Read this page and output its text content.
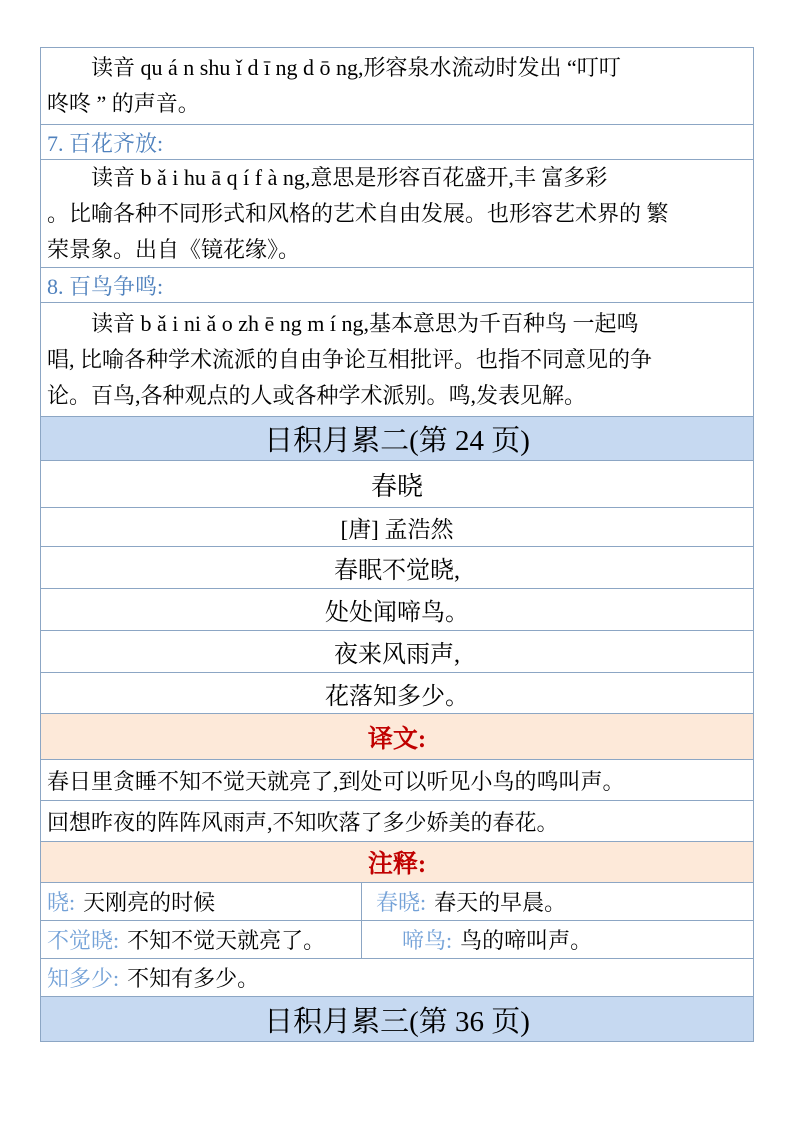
读音 qu á n shu ǐ d ī ng d ō ng,形容泉水流动时发出 “叮叮
咚咚 ” 的声音。
7. 百花齐放:
读音 b ǎ i hu ā q í f à ng,意思是形容百花盛开,丰 富多彩
。比喻各种不同形式和风格的艺术自由发展。也形容艺术界的 繁
荣景象。出自《镜花缘》。
8. 百鸟争鸣:
读音 b ǎ i ni ǎ o zh ē ng m í ng,基本意思为千百种鸟 一起鸣
唱, 比喻各种学术流派的自由争论互相批评。也指不同意见的争
论。百鸟,各种观点的人或各种学术派别。鸣,发表见解。
日积月累二(第 24 页)
春晓
[唐] 孟浩然
春眠不觉晓,
处处闻啼鸟。
夜来风雨声,
花落知多少。
译文:
春日里贪睡不知不觉天就亮了,到处可以听见小鸟的鸣叫声。
回想昨夜的阵阵风雨声,不知吹落了多少娇美的春花。
注释:
晓: 天刚亮的时候	春晓: 春天的早晨。
不觉晓: 不知不觉天就亮了。	啼鸟: 鸟的啼叫声。
知多少: 不知有多少。
日积月累三(第 36 页)
